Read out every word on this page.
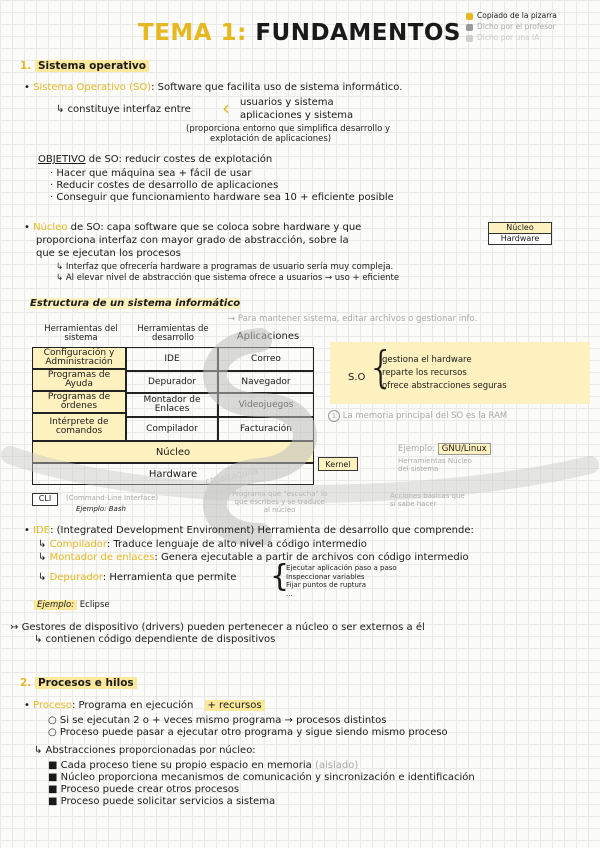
TEMA 1: FUNDAMENTOS
Copiado de la pizarra
Dicho por el profesor
Dicho por una IA
1. Sistema operativo
• Sistema Operativo (SO): Software que facilita uso de sistema informático.
↳ constituye interfaz entre ‹ usuarios y sistema
aplicaciones y sistema
(proporciona entorno que simplifica desarrollo y
explotación de aplicaciones)
OBJETIVO de SO: reducir costes de explotación
· Hacer que máquina sea + fácil de usar
· Reducir costes de desarrollo de aplicaciones
· Conseguir que funcionamiento hardware sea 10 + eficiente posible
• Núcleo de SO: capa software que se coloca sobre hardware y que
proporciona interfaz con mayor grado de abstracción, sobre la
que se ejecutan los procesos
Núcleo
Hardware
↳ Interfaz que ofrecería hardware a programas de usuario sería muy compleja.
↳ Al elevar nivel de abstracción que sistema ofrece a usuarios → uso + eficiente
Estructura de un sistema informático
→ Para mantener sistema, editar archivos o gestionar info.
Herramientas del sistema
Herramientas de desarrollo	Aplicaciones
Configuración y Administración
Programas de Ayuda
Programas de órdenes
Intérprete de comandos
IDE
Depurador
Montador de Enlaces
Compilador
Correo
Navegador
Videojuegos
Facturación
Núcleo
Hardware
Kernel
S.O {
gestiona el hardware
reparte los recursos
ofrece abstracciones seguras
1 La memoria principal del SO es la RAM
Ejemplo: GNU/Linux
Herramientas Núcleo
del sistema
CLI	(Command-Line Interface)
Ejemplo: Bash
Programa que "escucha" lo
que escribes y se traduce
al núcleo
Acciones básicas que
sí sabe hacer
ctrlaltaquila
• IDE: (Integrated Development Environment) Herramienta de desarrollo que comprende:
↳ Compilador: Traduce lenguaje de alto nivel a código intermedio
↳ Montador de enlaces: Genera ejecutable a partir de archivos con código intermedio
↳ Depurador: Herramienta que permite {
Ejecutar aplicación paso a paso
Inspeccionar variables
Fijar puntos de ruptura
...
Ejemplo: Eclipse
↣ Gestores de dispositivo (drivers) pueden pertenecer a núcleo o ser externos a él
↳ contienen código dependiente de dispositivos
2. Procesos e hilos
• Proceso: Programa en ejecución + recursos
○ Si se ejecutan 2 o + veces mismo programa → procesos distintos
○ Proceso puede pasar a ejecutar otro programa y sigue siendo mismo proceso
↳ Abstracciones proporcionadas por núcleo:
■ Cada proceso tiene su propio espacio en memoria (aislado)
■ Núcleo proporciona mecanismos de comunicación y sincronización e identificación
■ Proceso puede crear otros procesos
■ Proceso puede solicitar servicios a sistema
